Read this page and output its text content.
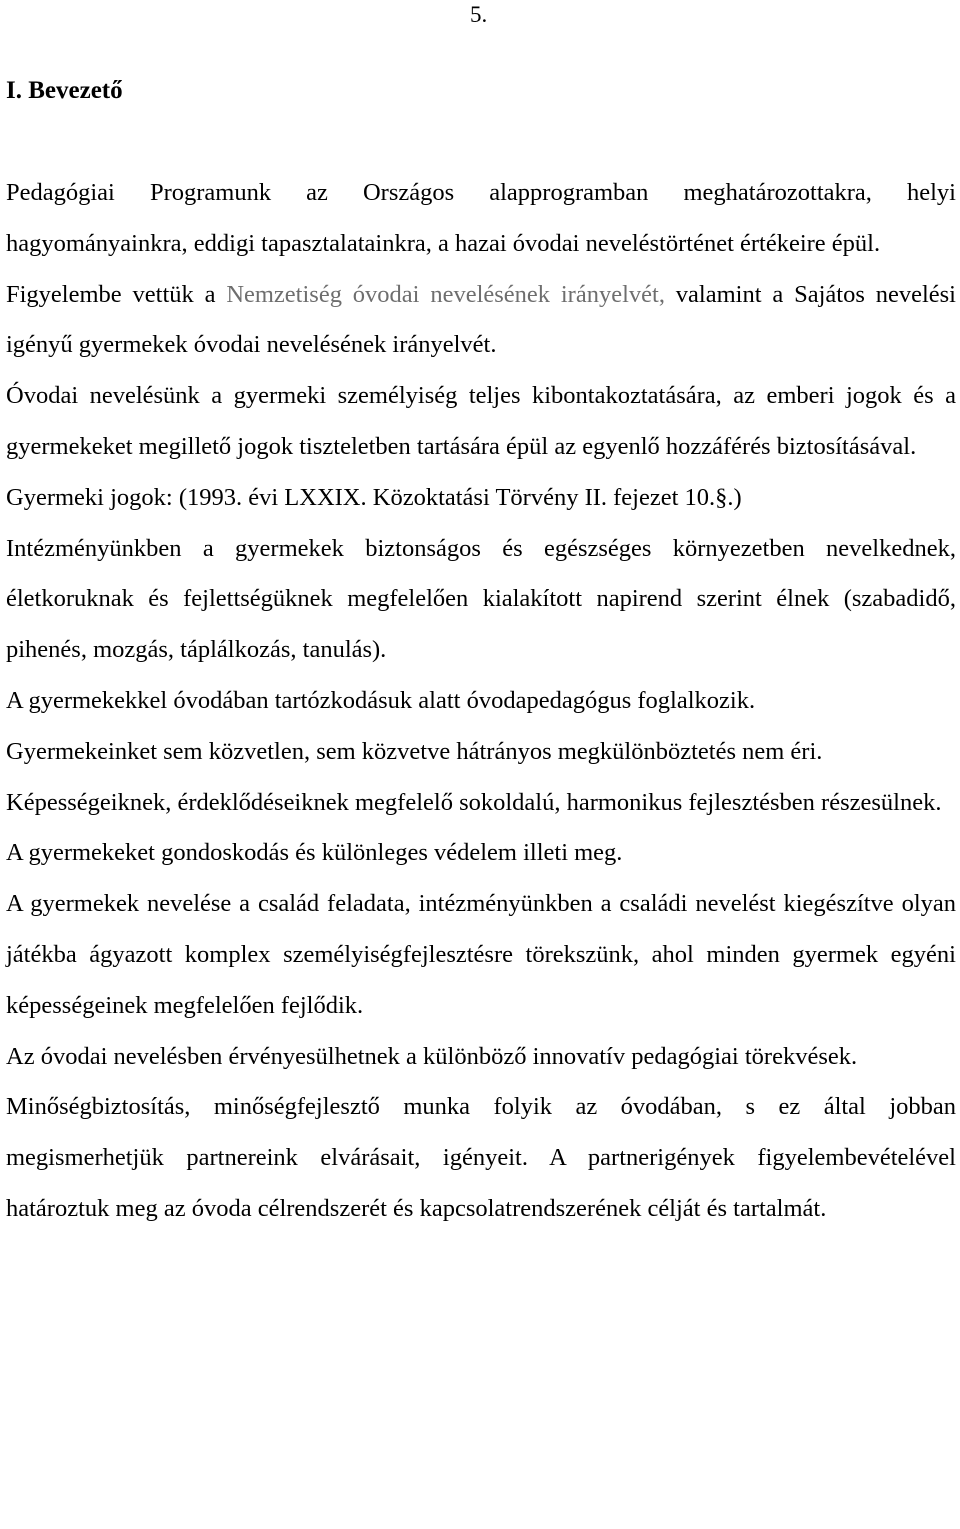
5.
I. Bevezető

Pedagógiai Programunk az Országos alapprogramban meghatározottakra, helyi hagyományainkra, eddigi tapasztalatainkra, a hazai óvodai neveléstörténet értékeire épül.

Figyelembe vettük a Nemzetiség óvodai nevelésének irányelvét, valamint a Sajátos nevelési igényű gyermekek óvodai nevelésének irányelvét.

Óvodai nevelésünk a gyermeki személyiség teljes kibontakoztatására, az emberi jogok és a gyermekeket megillető jogok tiszteletben tartására épül az egyenlő hozzáférés biztosításával.

Gyermeki jogok: (1993. évi LXXIX. Közoktatási Törvény II. fejezet 10.§.)

Intézményünkben a gyermekek biztonságos és egészséges környezetben nevelkednek, életkoruknak és fejlettségüknek megfelelően kialakított napirend szerint élnek (szabadidő, pihenés, mozgás, táplálkozás, tanulás).

A gyermekekkel óvodában tartózkodásuk alatt óvodapedagógus foglalkozik.

Gyermekeinket sem közvetlen, sem közvetve hátrányos megkülönböztetés nem éri.

Képességeiknek, érdeklődéseiknek megfelelő sokoldalú, harmonikus fejlesztésben részesülnek.

A gyermekeket gondoskodás és különleges védelem illeti meg.

A gyermekek nevelése a család feladata, intézményünkben a családi nevelést kiegészítve olyan játékba ágyazott komplex személyiségfejlesztésre törekszünk, ahol minden gyermek egyéni képességeinek megfelelően fejlődik.

Az óvodai nevelésben érvényesülhetnek a különböző innovatív pedagógiai törekvések.

Minőségbiztosítás, minőségfejlesztő munka folyik az óvodában, s ez által jobban megismerhetjük partnereink elvárásait, igényeit. A partnerigények figyelembevételével határoztuk meg az óvoda célrendszerét és kapcsolatrendszerének célját és tartalmát.
